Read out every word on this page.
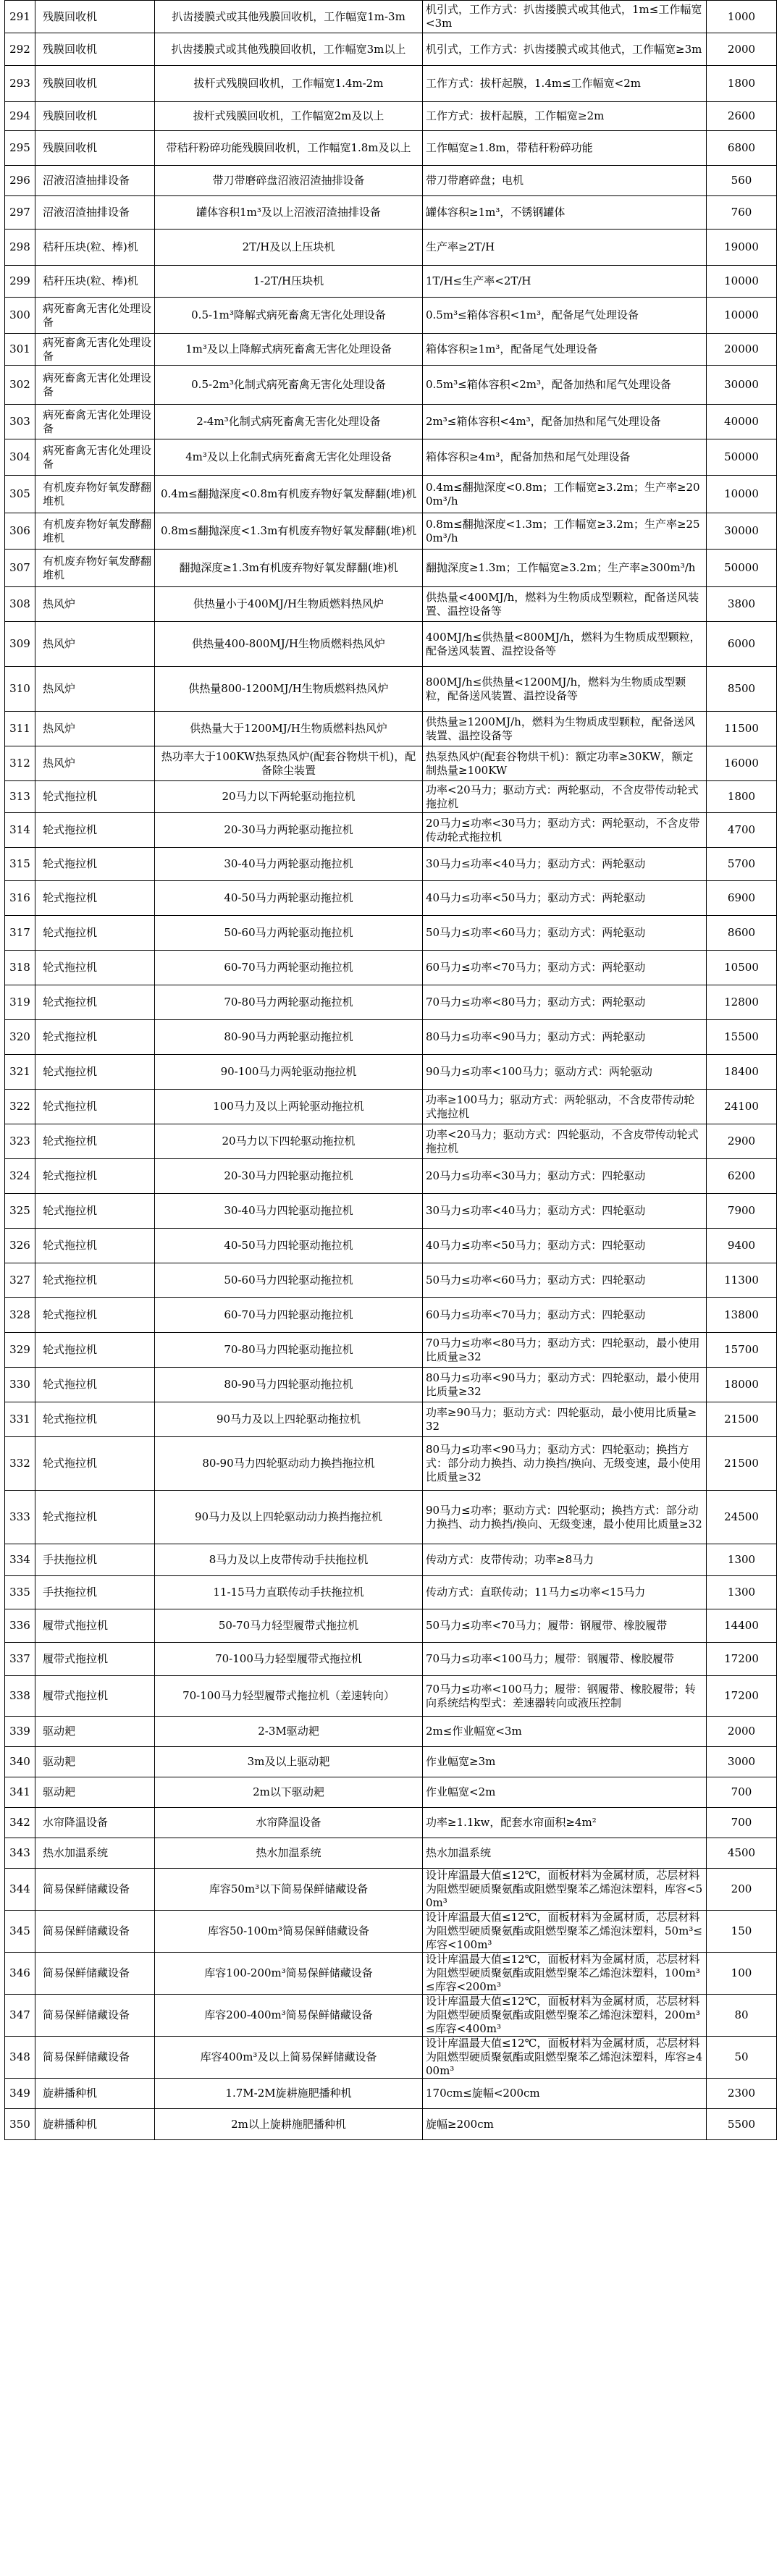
291	残膜回收机	扒齿搂膜式或其他残膜回收机，工作幅宽1m-3m	机引式，工作方式：扒齿搂膜式或其他式，1m≤工作幅宽<3m	1000
292	残膜回收机	扒齿搂膜式或其他残膜回收机，工作幅宽3m以上	机引式，工作方式：扒齿搂膜式或其他式，工作幅宽≥3m	2000
293	残膜回收机	拔杆式残膜回收机，工作幅宽1.4m-2m	工作方式：拔杆起膜，1.4m≤工作幅宽<2m	1800
294	残膜回收机	拔杆式残膜回收机，工作幅宽2m及以上	工作方式：拔杆起膜，工作幅宽≥2m	2600
295	残膜回收机	带秸秆粉碎功能残膜回收机，工作幅宽1.8m及以上	工作幅宽≥1.8m，带秸秆粉碎功能	6800
296	沼液沼渣抽排设备	带刀带磨碎盘沼液沼渣抽排设备	带刀带磨碎盘；电机	560
297	沼液沼渣抽排设备	罐体容积1m³及以上沼液沼渣抽排设备	罐体容积≥1m³，不锈钢罐体	760
298	秸秆压块(粒、棒)机	2T/H及以上压块机	生产率≥2T/H	19000
299	秸秆压块(粒、棒)机	1-2T/H压块机	1T/H≤生产率<2T/H	10000
300	病死畜禽无害化处理设备	0.5-1m³降解式病死畜禽无害化处理设备	0.5m³≤箱体容积<1m³，配备尾气处理设备	10000
301	病死畜禽无害化处理设备	1m³及以上降解式病死畜禽无害化处理设备	箱体容积≥1m³，配备尾气处理设备	20000
302	病死畜禽无害化处理设备	0.5-2m³化制式病死畜禽无害化处理设备	0.5m³≤箱体容积<2m³，配备加热和尾气处理设备	30000
303	病死畜禽无害化处理设备	2-4m³化制式病死畜禽无害化处理设备	2m³≤箱体容积<4m³，配备加热和尾气处理设备	40000
304	病死畜禽无害化处理设备	4m³及以上化制式病死畜禽无害化处理设备	箱体容积≥4m³，配备加热和尾气处理设备	50000
305	有机废弃物好氧发酵翻堆机	0.4m≤翻抛深度<0.8m有机废弃物好氧发酵翻(堆)机	0.4m≤翻抛深度<0.8m；工作幅宽≥3.2m；生产率≥200m³/h	10000
306	有机废弃物好氧发酵翻堆机	0.8m≤翻抛深度<1.3m有机废弃物好氧发酵翻(堆)机	0.8m≤翻抛深度<1.3m；工作幅宽≥3.2m；生产率≥250m³/h	30000
307	有机废弃物好氧发酵翻堆机	翻抛深度≥1.3m有机废弃物好氧发酵翻(堆)机	翻抛深度≥1.3m；工作幅宽≥3.2m；生产率≥300m³/h	50000
308	热风炉	供热量小于400MJ/H生物质燃料热风炉	供热量<400MJ/h，燃料为生物质成型颗粒，配备送风装置、温控设备等	3800
309	热风炉	供热量400-800MJ/H生物质燃料热风炉	400MJ/h≤供热量<800MJ/h，燃料为生物质成型颗粒，配备送风装置、温控设备等	6000
310	热风炉	供热量800-1200MJ/H生物质燃料热风炉	800MJ/h≤供热量<1200MJ/h，燃料为生物质成型颗粒，配备送风装置、温控设备等	8500
311	热风炉	供热量大于1200MJ/H生物质燃料热风炉	供热量≥1200MJ/h，燃料为生物质成型颗粒，配备送风装置、温控设备等	11500
312	热风炉	热功率大于100KW热泵热风炉(配套谷物烘干机)，配备除尘装置	热泵热风炉(配套谷物烘干机)：额定功率≥30KW，额定制热量≥100KW	16000
313	轮式拖拉机	20马力以下两轮驱动拖拉机	功率<20马力；驱动方式：两轮驱动，不含皮带传动轮式拖拉机	1800
314	轮式拖拉机	20-30马力两轮驱动拖拉机	20马力≤功率<30马力；驱动方式：两轮驱动，不含皮带传动轮式拖拉机	4700
315	轮式拖拉机	30-40马力两轮驱动拖拉机	30马力≤功率<40马力；驱动方式：两轮驱动	5700
316	轮式拖拉机	40-50马力两轮驱动拖拉机	40马力≤功率<50马力；驱动方式：两轮驱动	6900
317	轮式拖拉机	50-60马力两轮驱动拖拉机	50马力≤功率<60马力；驱动方式：两轮驱动	8600
318	轮式拖拉机	60-70马力两轮驱动拖拉机	60马力≤功率<70马力；驱动方式：两轮驱动	10500
319	轮式拖拉机	70-80马力两轮驱动拖拉机	70马力≤功率<80马力；驱动方式：两轮驱动	12800
320	轮式拖拉机	80-90马力两轮驱动拖拉机	80马力≤功率<90马力；驱动方式：两轮驱动	15500
321	轮式拖拉机	90-100马力两轮驱动拖拉机	90马力≤功率<100马力；驱动方式：两轮驱动	18400
322	轮式拖拉机	100马力及以上两轮驱动拖拉机	功率≥100马力；驱动方式：两轮驱动，不含皮带传动轮式拖拉机	24100
323	轮式拖拉机	20马力以下四轮驱动拖拉机	功率<20马力；驱动方式：四轮驱动，不含皮带传动轮式拖拉机	2900
324	轮式拖拉机	20-30马力四轮驱动拖拉机	20马力≤功率<30马力；驱动方式：四轮驱动	6200
325	轮式拖拉机	30-40马力四轮驱动拖拉机	30马力≤功率<40马力；驱动方式：四轮驱动	7900
326	轮式拖拉机	40-50马力四轮驱动拖拉机	40马力≤功率<50马力；驱动方式：四轮驱动	9400
327	轮式拖拉机	50-60马力四轮驱动拖拉机	50马力≤功率<60马力；驱动方式：四轮驱动	11300
328	轮式拖拉机	60-70马力四轮驱动拖拉机	60马力≤功率<70马力；驱动方式：四轮驱动	13800
329	轮式拖拉机	70-80马力四轮驱动拖拉机	70马力≤功率<80马力；驱动方式：四轮驱动，最小使用比质量≥32	15700
330	轮式拖拉机	80-90马力四轮驱动拖拉机	80马力≤功率<90马力；驱动方式：四轮驱动，最小使用比质量≥32	18000
331	轮式拖拉机	90马力及以上四轮驱动拖拉机	功率≥90马力；驱动方式：四轮驱动，最小使用比质量≥32	21500
332	轮式拖拉机	80-90马力四轮驱动动力换挡拖拉机	80马力≤功率<90马力；驱动方式：四轮驱动；换挡方式：部分动力换挡、动力换挡/换向、无级变速，最小使用比质量≥32	21500
333	轮式拖拉机	90马力及以上四轮驱动动力换挡拖拉机	90马力≤功率；驱动方式：四轮驱动；换挡方式：部分动力换挡、动力换挡/换向、无级变速，最小使用比质量≥32	24500
334	手扶拖拉机	8马力及以上皮带传动手扶拖拉机	传动方式：皮带传动；功率≥8马力	1300
335	手扶拖拉机	11-15马力直联传动手扶拖拉机	传动方式：直联传动；11马力≤功率<15马力	1300
336	履带式拖拉机	50-70马力轻型履带式拖拉机	50马力≤功率<70马力；履带：钢履带、橡胶履带	14400
337	履带式拖拉机	70-100马力轻型履带式拖拉机	70马力≤功率<100马力；履带：钢履带、橡胶履带	17200
338	履带式拖拉机	70-100马力轻型履带式拖拉机（差速转向）	70马力≤功率<100马力；履带：钢履带、橡胶履带；转向系统结构型式：差速器转向或液压控制	17200
339	驱动耙	2-3M驱动耙	2m≤作业幅宽<3m	2000
340	驱动耙	3m及以上驱动耙	作业幅宽≥3m	3000
341	驱动耙	2m以下驱动耙	作业幅宽<2m	700
342	水帘降温设备	水帘降温设备	功率≥1.1kw，配套水帘面积≥4m²	700
343	热水加温系统	热水加温系统	热水加温系统	4500
344	简易保鲜储藏设备	库容50m³以下简易保鲜储藏设备	设计库温最大值≤12℃，面板材料为金属材质，芯层材料为阻燃型硬质聚氨酯或阻燃型聚苯乙烯泡沫塑料，库容<50m³	200
345	简易保鲜储藏设备	库容50-100m³简易保鲜储藏设备	设计库温最大值≤12℃，面板材料为金属材质，芯层材料为阻燃型硬质聚氨酯或阻燃型聚苯乙烯泡沫塑料，50m³≤库容<100m³	150
346	简易保鲜储藏设备	库容100-200m³简易保鲜储藏设备	设计库温最大值≤12℃，面板材料为金属材质，芯层材料为阻燃型硬质聚氨酯或阻燃型聚苯乙烯泡沫塑料，100m³≤库容<200m³	100
347	简易保鲜储藏设备	库容200-400m³简易保鲜储藏设备	设计库温最大值≤12℃，面板材料为金属材质，芯层材料为阻燃型硬质聚氨酯或阻燃型聚苯乙烯泡沫塑料，200m³≤库容<400m³	80
348	简易保鲜储藏设备	库容400m³及以上简易保鲜储藏设备	设计库温最大值≤12℃，面板材料为金属材质，芯层材料为阻燃型硬质聚氨酯或阻燃型聚苯乙烯泡沫塑料，库容≥400m³	50
349	旋耕播种机	1.7M-2M旋耕施肥播种机	170cm≤旋幅<200cm	2300
350	旋耕播种机	2m以上旋耕施肥播种机	旋幅≥200cm	5500
